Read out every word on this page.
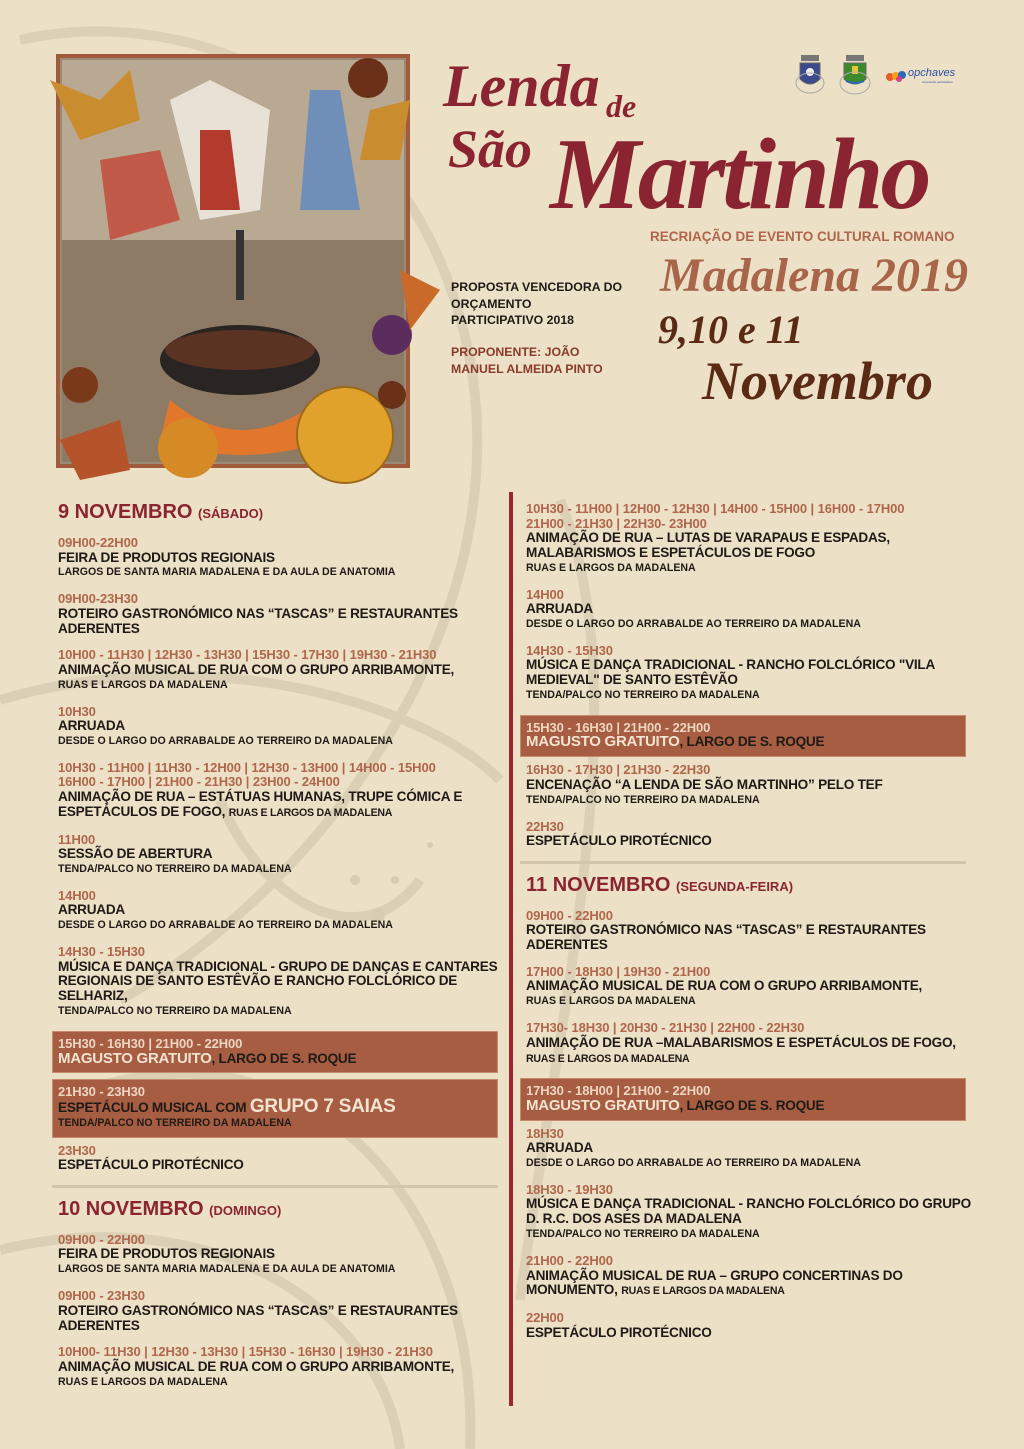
opchaves
orçamento participativo
Lenda de
São Martinho
RECRIAÇÃO DE EVENTO CULTURAL ROMANO
Madalena 2019
9,10 e 11
Novembro
PROPOSTA VENCEDORA DO
ORÇAMENTO
PARTICIPATIVO 2018
PROPONENTE: JOÃO
MANUEL ALMEIDA PINTO
9 NOVEMBRO (SÁBADO)
09H00-22H00
FEIRA DE PRODUTOS REGIONAIS
LARGOS DE SANTA MARIA MADALENA E DA AULA DE ANATOMIA
09H00-23H30
ROTEIRO GASTRONÓMICO NAS “TASCAS” E RESTAURANTES ADERENTES
10H00 - 11H30 | 12H30 - 13H30 | 15H30 - 17H30 | 19H30 - 21H30
ANIMAÇÃO MUSICAL DE RUA COM O GRUPO ARRIBAMONTE,
RUAS E LARGOS DA MADALENA
10H30
ARRUADA
DESDE O LARGO DO ARRABALDE AO TERREIRO DA MADALENA
10H30 - 11H00 | 11H30 - 12H00 | 12H30 - 13H00 | 14H00 - 15H00
16H00 - 17H00 | 21H00 - 21H30 | 23H00 - 24H00
ANIMAÇÃO DE RUA – ESTÁTUAS HUMANAS, TRUPE CÓMICA E ESPETÁCULOS DE FOGO, RUAS E LARGOS DA MADALENA
11H00
SESSÃO DE ABERTURA
TENDA/PALCO NO TERREIRO DA MADALENA
14H00
ARRUADA
DESDE O LARGO DO ARRABALDE AO TERREIRO DA MADALENA
14H30 - 15H30
MÚSICA E DANÇA TRADICIONAL - GRUPO DE DANÇAS E CANTARES REGIONAIS DE SANTO ESTÊVÃO E RANCHO FOLCLÓRICO DE SELHARIZ,
TENDA/PALCO NO TERREIRO DA MADALENA
15H30 - 16H30 | 21H00 - 22H00
MAGUSTO GRATUITO, LARGO DE S. ROQUE
21H30 - 23H30
ESPETÁCULO MUSICAL COM GRUPO 7 SAIAS
TENDA/PALCO NO TERREIRO DA MADALENA
23H30
ESPETÁCULO PIROTÉCNICO
10 NOVEMBRO (DOMINGO)
09H00 - 22H00
FEIRA DE PRODUTOS REGIONAIS
LARGOS DE SANTA MARIA MADALENA E DA AULA DE ANATOMIA
09H00 - 23H30
ROTEIRO GASTRONÓMICO NAS “TASCAS” E RESTAURANTES ADERENTES
10H00- 11H30 | 12H30 - 13H30 | 15H30 - 16H30 | 19H30 - 21H30
ANIMAÇÃO MUSICAL DE RUA COM O GRUPO ARRIBAMONTE,
RUAS E LARGOS DA MADALENA
10H30 - 11H00 | 12H00 - 12H30 | 14H00 - 15H00 | 16H00 - 17H00
21H00 - 21H30 | 22H30- 23H00
ANIMAÇÃO DE RUA – LUTAS DE VARAPAUS E ESPADAS, MALABARISMOS E ESPETÁCULOS DE FOGO
RUAS E LARGOS DA MADALENA
14H00
ARRUADA
DESDE O LARGO DO ARRABALDE AO TERREIRO DA MADALENA
14H30 - 15H30
MÚSICA E DANÇA TRADICIONAL - RANCHO FOLCLÓRICO "VILA MEDIEVAL" DE SANTO ESTÊVÃO
TENDA/PALCO NO TERREIRO DA MADALENA
15H30 - 16H30 | 21H00 - 22H00
MAGUSTO GRATUITO, LARGO DE S. ROQUE
16H30 - 17H30 | 21H30 - 22H30
ENCENAÇÃO “A LENDA DE SÃO MARTINHO” PELO TEF
TENDA/PALCO NO TERREIRO DA MADALENA
22H30
ESPETÁCULO PIROTÉCNICO
11 NOVEMBRO (SEGUNDA-FEIRA)
09H00 - 22H00
ROTEIRO GASTRONÓMICO NAS “TASCAS” E RESTAURANTES ADERENTES
17H00 - 18H30 | 19H30 - 21H00
ANIMAÇÃO MUSICAL DE RUA COM O GRUPO ARRIBAMONTE,
RUAS E LARGOS DA MADALENA
17H30- 18H30 | 20H30 - 21H30 | 22H00 - 22H30
ANIMAÇÃO DE RUA –MALABARISMOS E ESPETÁCULOS DE FOGO, RUAS E LARGOS DA MADALENA
17H30 - 18H00 | 21H00 - 22H00
MAGUSTO GRATUITO, LARGO DE S. ROQUE
18H30
ARRUADA
DESDE O LARGO DO ARRABALDE AO TERREIRO DA MADALENA
18H30 - 19H30
MÚSICA E DANÇA TRADICIONAL - RANCHO FOLCLÓRICO DO GRUPO D. R.C. DOS ASES DA MADALENA
TENDA/PALCO NO TERREIRO DA MADALENA
21H00 - 22H00
ANIMAÇÃO MUSICAL DE RUA – GRUPO CONCERTINAS DO MONUMENTO, RUAS E LARGOS DA MADALENA
22H00
ESPETÁCULO PIROTÉCNICO
